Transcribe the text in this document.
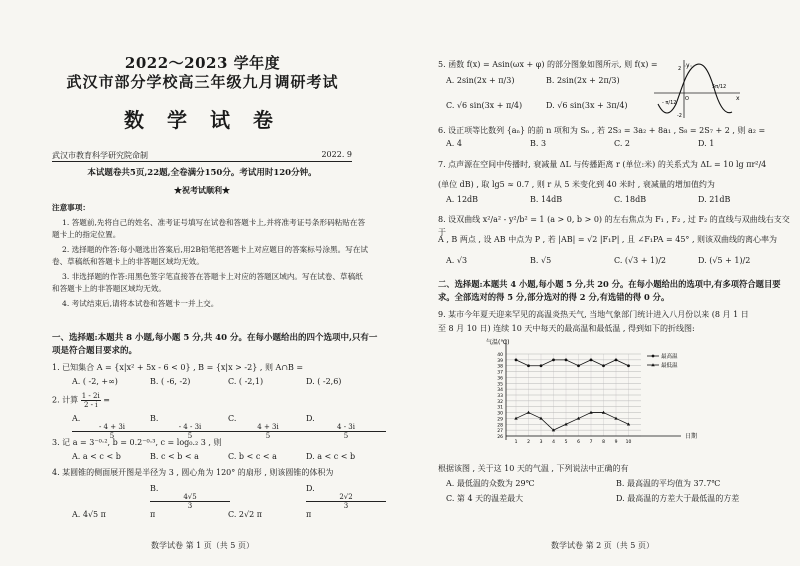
2022～2023 学年度
武汉市部分学校高三年级九月调研考试
数 学 试 卷
武汉市教育科学研究院命制	2022. 9
本试题卷共5页,22题,全卷满分150分。考试用时120分钟。
★祝考试顺利★
注意事项：

1. 答题前,先将自己的姓名、准考证号填写在试卷和答题卡上,并将准考证号条形码粘贴在答题卡上的指定位置。

2. 选择题的作答:每小题选出答案后,用2B铅笔把答题卡上对应题目的答案标号涂黑。写在试卷、草稿纸和答题卡上的非答题区域均无效。

3. 非选择题的作答:用黑色签字笔直接答在答题卡上对应的答题区域内。写在试卷、草稿纸和答题卡上的非答题区域均无效。

4. 考试结束后,请将本试卷和答题卡一并上交。

一、选择题:本题共 8 小题,每小题 5 分,共 40 分。在每小题给出的四个选项中,只有一项是符合题目要求的。
1. 已知集合 A = {x|x² + 5x - 6 < 0} , B = {x|x > -2} , 则 A∩B =
A. ( -2, +∞)	B. ( -6, -2)	C. ( -2,1)	D. ( -2,6)
2. 计算 $\frac{1 - 2i}{2 - i}$ =
A.
$\frac{- 4 + 3i}{5}$
B.
$\frac{- 4 - 3i}{5}$
C.
$\frac{4 + 3i}{5}$
D.
$\frac{4 - 3i}{5}$
3. 记 a = 3⁻⁰·², b = 0.2⁻⁰·³, c = log₀.₂ 3 , 则
A. a < c < b	B. c < b < a	C. b < c < a	D. a < c < b
4. 某圆锥的侧面展开图是半径为 3 , 圆心角为 120° 的扇形 , 则该圆锥的体积为
A. 4√5 πB.
$\frac{4√5}{3}$
π	C. 2√2 πD.
$\frac{2√2}{3}$
π
数学试卷 第 1 页（共 5 页）
5. 函数 f(x) = Asin(ωx + φ) 的部分图象如图所示, 则 f(x) =
A. 2sin(2x + π/3)	B. 2sin(2x + 2π/3)
C. √6 sin(3x + π/4)	D. √6 sin(3x + 3π/4)
y
x
2
-2
O
- π/12
5π/12
6. 设正项等比数列 {aₙ} 的前 n 项和为 Sₙ , 若 2S₃ = 3a₂ + 8a₁ , S₈ = 2S₇ + 2 , 则 a₂ =
A. 4	B. 3	C. 2	D. 1
7. 点声源在空间中传播时, 衰减量 ΔL 与传播距离 r (单位:米) 的关系式为 ΔL = 10 lg πr²/4
(单位 dB) , 取 lg5 ≈ 0.7 , 则 r 从 5 米变化到 40 米时 , 衰减量的增加值约为
A. 12dB	B. 14dB	C. 18dB	D. 21dB
8. 设双曲线 x²/a² - y²/b² = 1 (a > 0, b > 0) 的左右焦点为 F₁ , F₂ , 过 F₂ 的直线与双曲线右支交于
A , B 两点 , 设 AB 中点为 P , 若 |AB| = √2 |F₁P| , 且 ∠F₁PA = 45° , 则该双曲线的离心率为
A. √3	B. √5	C. (√3 + 1)/2	D. (√5 + 1)/2
二、选择题:本题共 4 小题,每小题 5 分,共 20 分。在每小题给出的选项中,有多项符合题目要求。全部选对的得 5 分,部分选对的得 2 分,有选错的得 0 分。
9. 某市今年夏天迎来罕见的高温炎热天气, 当地气象部门统计进入八月份以来 (8 月 1 日
至 8 月 10 日) 连续 10 天中每天的最高温和最低温 , 得到如下的折线图:
26
27
28
29
30
31
32
33
34
35
36
37
38
39
40
1 2 3 4 5 6 7 8 9 10
气温(℃)
日期
最高温
最低温
根据该图 , 关于这 10 天的气温 , 下列说法中正确的有
A. 最低温的众数为 29℃	B. 最高温的平均值为 37.7℃
C. 第 4 天的温差最大	D. 最高温的方差大于最低温的方差
数学试卷 第 2 页（共 5 页）
